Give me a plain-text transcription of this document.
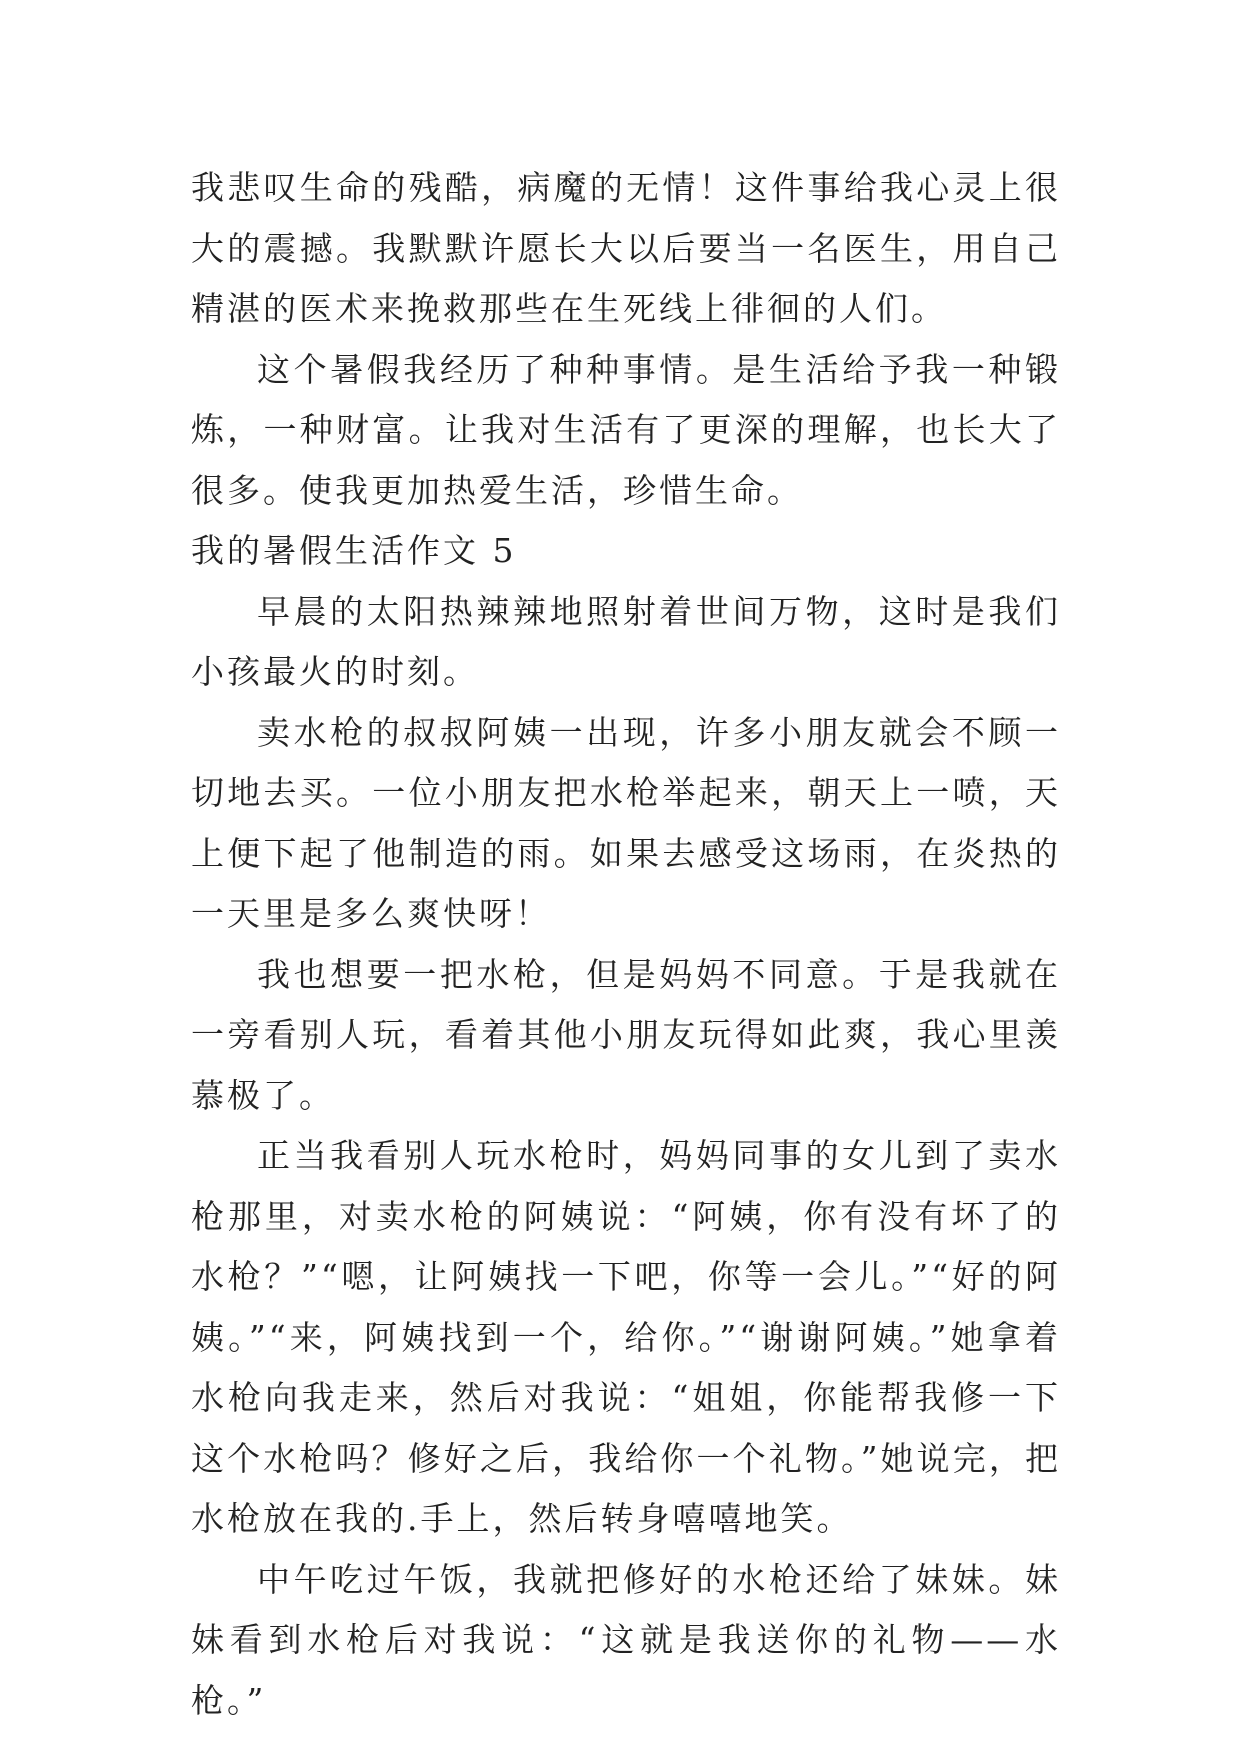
我悲叹生命的残酷，病魔的无情！这件事给我心灵上很大的震撼。我默默许愿长大以后要当一名医生，用自己精湛的医术来挽救那些在生死线上徘徊的人们。

这个暑假我经历了种种事情。是生活给予我一种锻炼，一种财富。让我对生活有了更深的理解，也长大了很多。使我更加热爱生活，珍惜生命。

我的暑假生活作文 5

早晨的太阳热辣辣地照射着世间万物，这时是我们小孩最火的时刻。

卖水枪的叔叔阿姨一出现，许多小朋友就会不顾一切地去买。一位小朋友把水枪举起来，朝天上一喷，天上便下起了他制造的雨。如果去感受这场雨，在炎热的一天里是多么爽快呀！

我也想要一把水枪，但是妈妈不同意。于是我就在一旁看别人玩，看着其他小朋友玩得如此爽，我心里羡慕极了。

正当我看别人玩水枪时，妈妈同事的女儿到了卖水枪那里，对卖水枪的阿姨说：“阿姨，你有没有坏了的水枪？”“嗯，让阿姨找一下吧，你等一会儿。”“好的阿姨。”“来，阿姨找到一个，给你。”“谢谢阿姨。”她拿着水枪向我走来，然后对我说：“姐姐，你能帮我修一下这个水枪吗？修好之后，我给你一个礼物。”她说完，把水枪放在我的.手上，然后转身嘻嘻地笑。

中午吃过午饭，我就把修好的水枪还给了妹妹。妹妹看到水枪后对我说：“这就是我送你的礼物——水枪。”
